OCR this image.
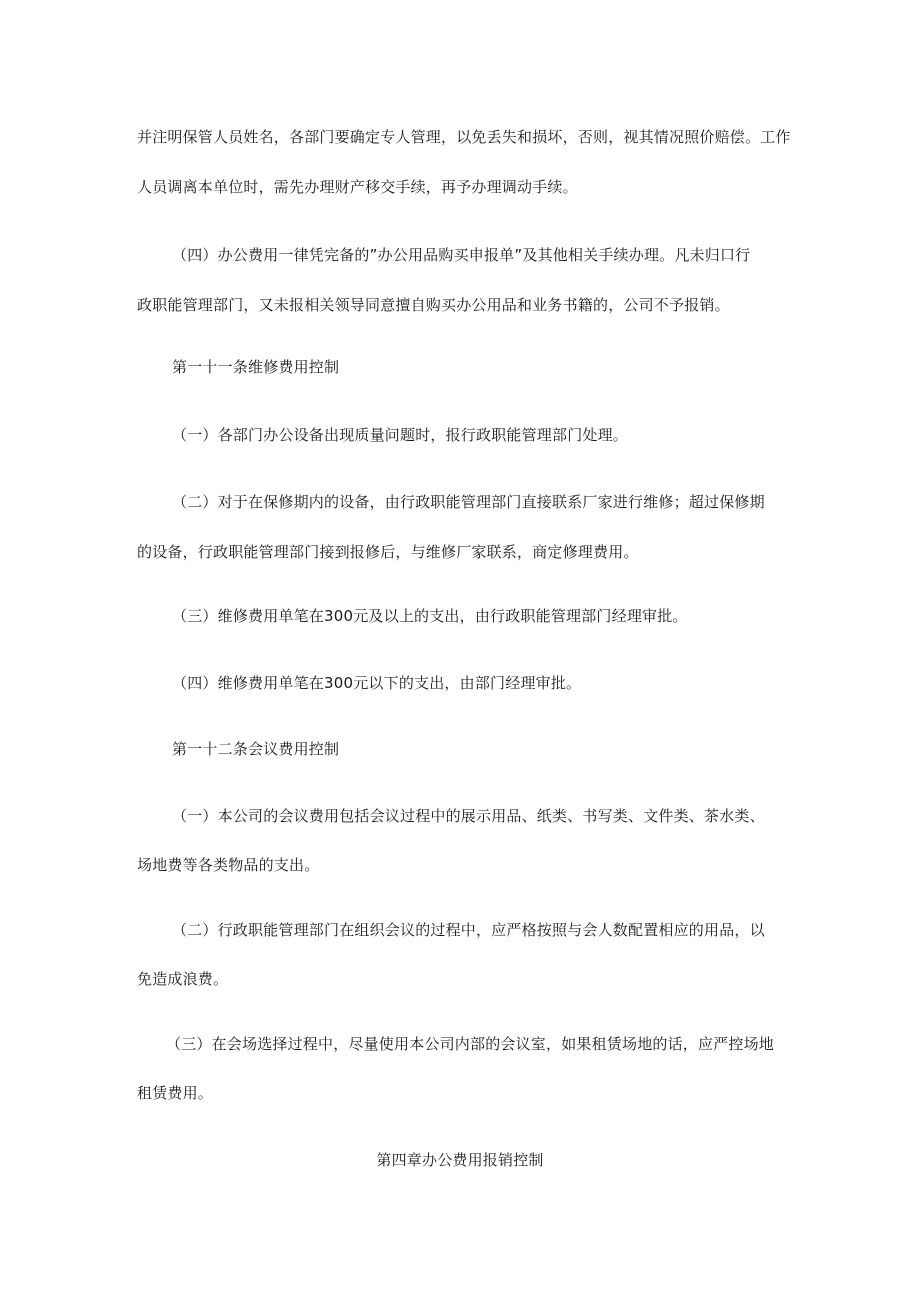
并注明保管人员姓名，各部门要确定专人管理，以免丢失和损坏，否则，视其情况照价赔偿。工作
人员调离本单位时，需先办理财产移交手续，再予办理调动手续。
（四）办公费用一律凭完备的”办公用品购买申报单”及其他相关手续办理。凡未归口行
政职能管理部门，又未报相关领导同意擅自购买办公用品和业务书籍的，公司不予报销。
第一十一条维修费用控制
（一）各部门办公设备出现质量问题时，报行政职能管理部门处理。
（二）对于在保修期内的设备，由行政职能管理部门直接联系厂家进行维修；超过保修期
的设备，行政职能管理部门接到报修后，与维修厂家联系，商定修理费用。
（三）维修费用单笔在300元及以上的支出，由行政职能管理部门经理审批。
（四）维修费用单笔在300元以下的支出，由部门经理审批。
第一十二条会议费用控制
（一）本公司的会议费用包括会议过程中的展示用品、纸类、书写类、文件类、茶水类、
场地费等各类物品的支出。
（二）行政职能管理部门在组织会议的过程中，应严格按照与会人数配置相应的用品，以
免造成浪费。
（三）在会场选择过程中，尽量使用本公司内部的会议室，如果租赁场地的话，应严控场地
租赁费用。
第四章办公费用报销控制
